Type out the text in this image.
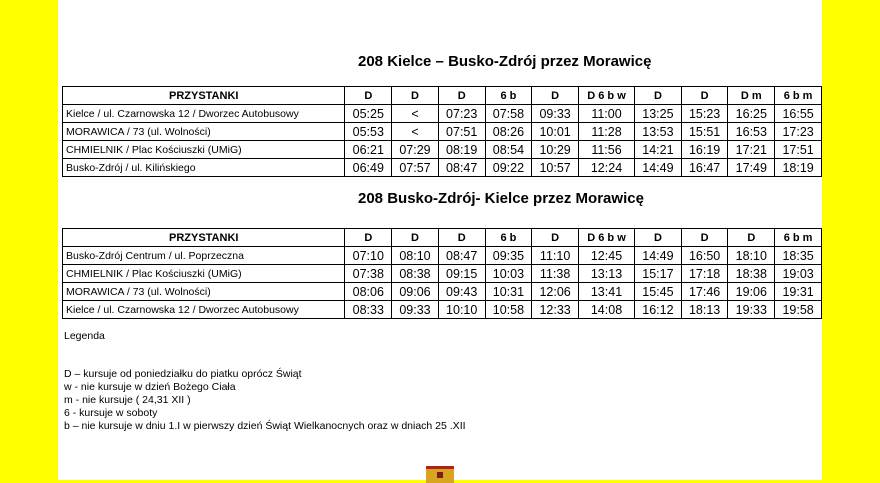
208 Kielce – Busko-Zdrój przez Morawicę
PRZYSTANKI	D	D	D	6 b	D	D 6 b w	D	D	D m	6 b m
Kielce / ul. Czarnowska 12 / Dworzec Autobusowy	05:25	<	07:23	07:58	09:33	11:00	13:25	15:23	16:25	16:55
MORAWICA / 73 (ul. Wolności)	05:53	<	07:51	08:26	10:01	11:28	13:53	15:51	16:53	17:23
CHMIELNIK / Plac Kościuszki (UMiG)	06:21	07:29	08:19	08:54	10:29	11:56	14:21	16:19	17:21	17:51
Busko-Zdrój / ul. Kilińskiego	06:49	07:57	08:47	09:22	10:57	12:24	14:49	16:47	17:49	18:19
208 Busko-Zdrój- Kielce przez Morawicę
PRZYSTANKI	D	D	D	6 b	D	D 6 b w	D	D	D	6 b m
Busko-Zdrój Centrum / ul. Poprzeczna	07:10	08:10	08:47	09:35	11:10	12:45	14:49	16:50	18:10	18:35
CHMIELNIK / Plac Kościuszki (UMiG)	07:38	08:38	09:15	10:03	11:38	13:13	15:17	17:18	18:38	19:03
MORAWICA / 73 (ul. Wolności)	08:06	09:06	09:43	10:31	12:06	13:41	15:45	17:46	19:06	19:31
Kielce / ul. Czarnowska 12 / Dworzec Autobusowy	08:33	09:33	10:10	10:58	12:33	14:08	16:12	18:13	19:33	19:58
Legenda
D – kursuje od poniedziałku do piatku oprócz Świąt
w - nie kursuje w dzień Bożego Ciała
m - nie kursuje ( 24,31 XII )
6 - kursuje w soboty
b – nie kursuje w dniu 1.I w pierwszy dzień Świąt Wielkanocnych oraz w dniach 25 .XII
